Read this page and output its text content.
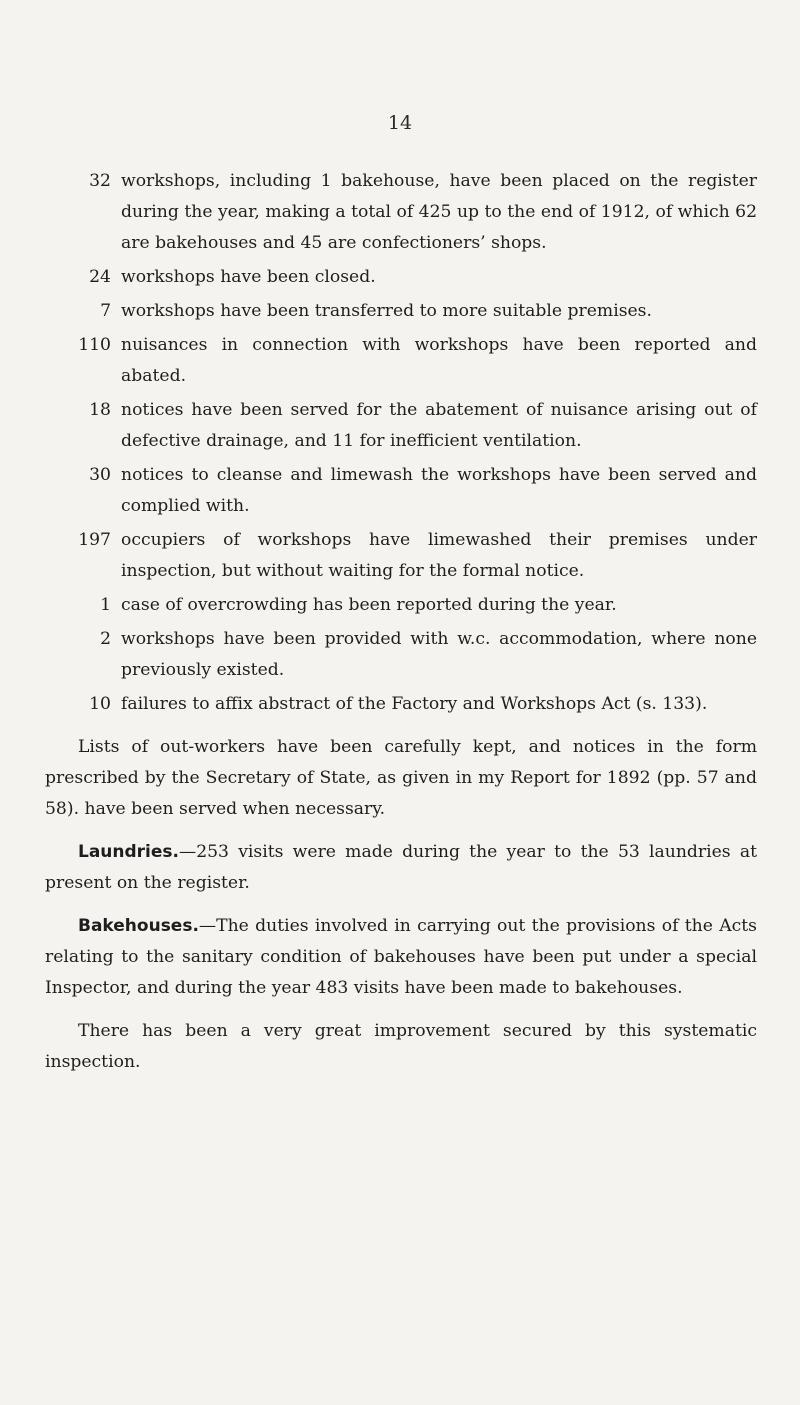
14
32 workshops, including 1 bakehouse, have been placed on the register during the year, making a total of 425 up to the end of 1912, of which 62 are bakehouses and 45 are confectioners’ shops.
24 workshops have been closed.
7 workshops have been transferred to more suitable premises.
110 nuisances in connection with workshops have been reported and abated.
18 notices have been served for the abatement of nuisance arising out of defective drainage, and 11 for inefficient ventilation.
30 notices to cleanse and limewash the workshops have been served and complied with.
197 occupiers of workshops have limewashed their premises under inspection, but without waiting for the formal notice.
1 case of overcrowding has been reported during the year.
2 workshops have been provided with w.c. accommodation, where none previously existed.
10 failures to affix abstract of the Factory and Workshops Act (s. 133).

Lists of out-workers have been carefully kept, and notices in the form prescribed by the Secretary of State, as given in my Report for 1892 (pp. 57 and 58). have been served when necessary.

Laundries.—253 visits were made during the year to the 53 laundries at present on the register.

Bakehouses.—The duties involved in carrying out the provisions of the Acts relating to the sanitary condition of bakehouses have been put under a special Inspector, and during the year 483 visits have been made to bakehouses.

There has been a very great improvement secured by this systematic inspection.
